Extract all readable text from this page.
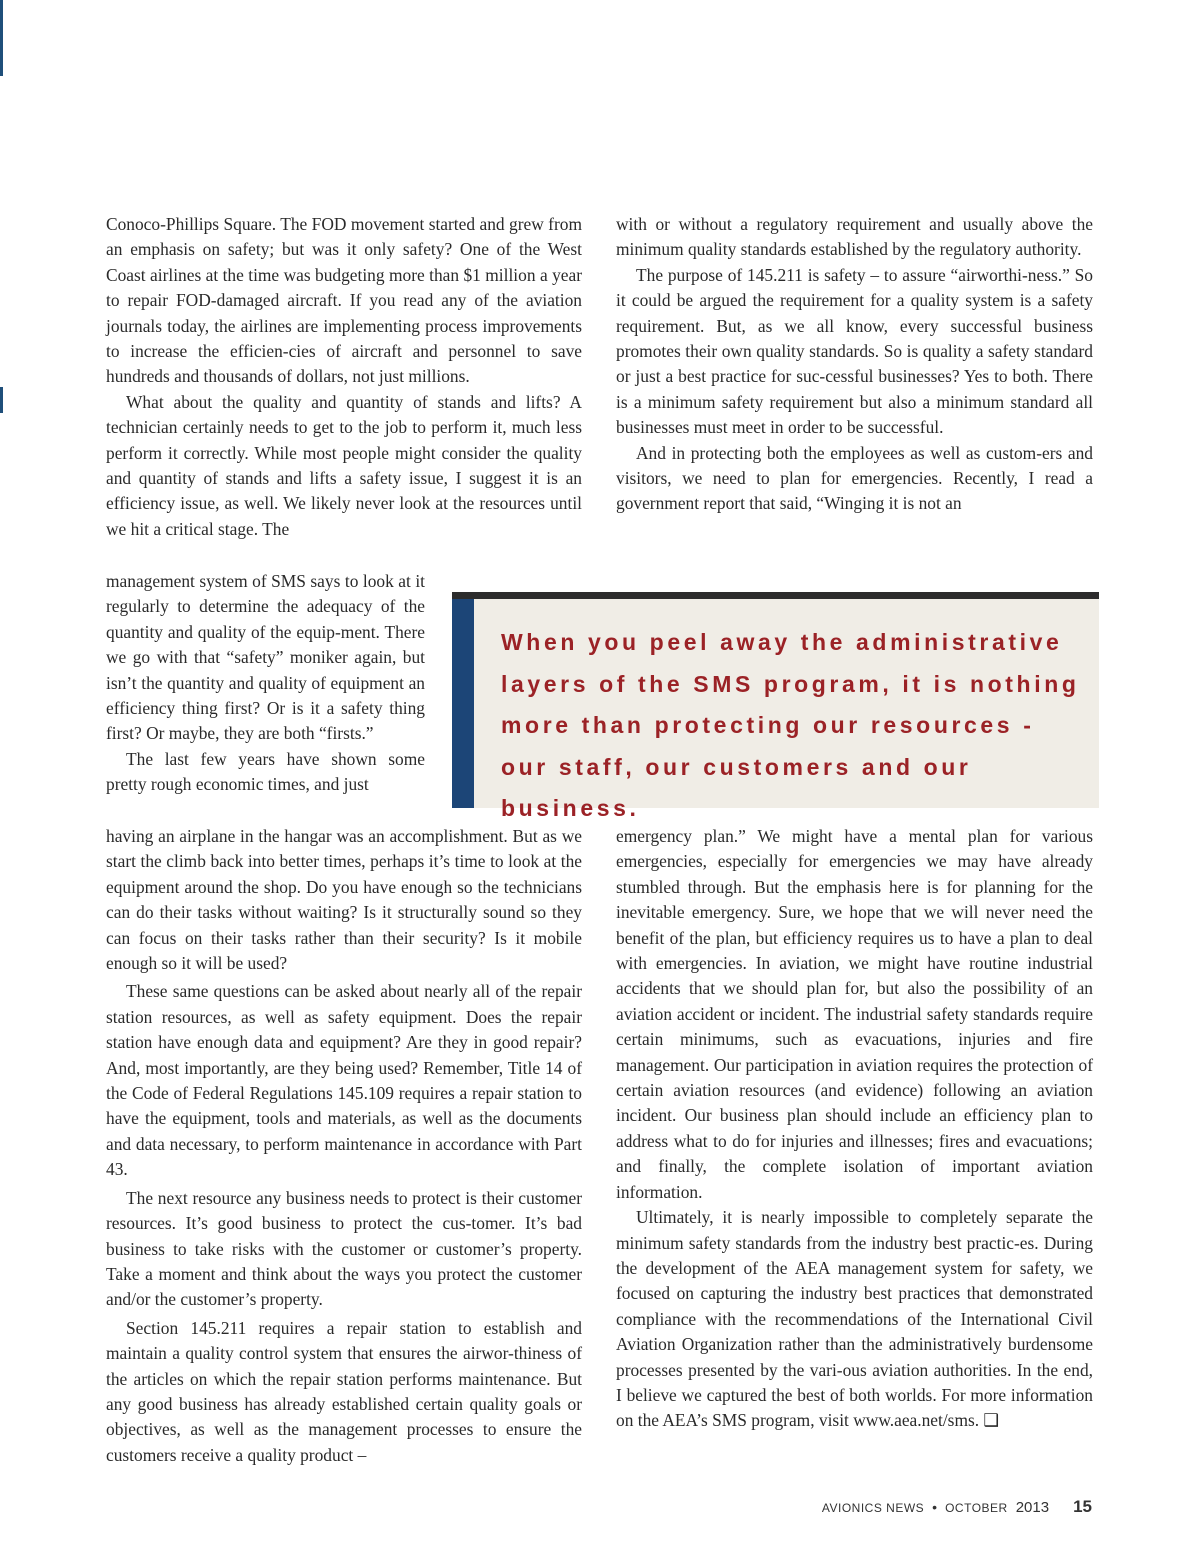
Conoco-Phillips Square. The FOD movement started and grew from an emphasis on safety; but was it only safety? One of the West Coast airlines at the time was budgeting more than $1 million a year to repair FOD-damaged aircraft. If you read any of the aviation journals today, the airlines are implementing process improvements to increase the efficien-cies of aircraft and personnel to save hundreds and thousands of dollars, not just millions.

What about the quality and quantity of stands and lifts? A technician certainly needs to get to the job to perform it, much less perform it correctly. While most people might consider the quality and quantity of stands and lifts a safety issue, I suggest it is an efficiency issue, as well. We likely never look at the resources until we hit a critical stage. The

management system of SMS says to look at it regularly to determine the adequacy of the quantity and quality of the equip-ment. There we go with that “safety” moniker again, but isn’t the quantity and quality of equipment an efficiency thing first? Or is it a safety thing first? Or maybe, they are both “firsts.”

The last few years have shown some pretty rough economic times, and just

having an airplane in the hangar was an accomplishment. But as we start the climb back into better times, perhaps it’s time to look at the equipment around the shop. Do you have enough so the technicians can do their tasks without waiting? Is it structurally sound so they can focus on their tasks rather than their security? Is it mobile enough so it will be used?

These same questions can be asked about nearly all of the repair station resources, as well as safety equipment. Does the repair station have enough data and equipment? Are they in good repair? And, most importantly, are they being used? Remember, Title 14 of the Code of Federal Regulations 145.109 requires a repair station to have the equipment, tools and materials, as well as the documents and data necessary, to perform maintenance in accordance with Part 43.

The next resource any business needs to protect is their customer resources. It’s good business to protect the cus-tomer. It’s bad business to take risks with the customer or customer’s property. Take a moment and think about the ways you protect the customer and/or the customer’s property.

Section 145.211 requires a repair station to establish and maintain a quality control system that ensures the airwor-thiness of the articles on which the repair station performs maintenance. But any good business has already established certain quality goals or objectives, as well as the management processes to ensure the customers receive a quality product –

with or without a regulatory requirement and usually above the minimum quality standards established by the regulatory authority.

The purpose of 145.211 is safety – to assure “airworthi-ness.” So it could be argued the requirement for a quality system is a safety requirement. But, as we all know, every successful business promotes their own quality standards. So is quality a safety standard or just a best practice for suc-cessful businesses? Yes to both. There is a minimum safety requirement but also a minimum standard all businesses must meet in order to be successful.

And in protecting both the employees as well as custom-ers and visitors, we need to plan for emergencies. Recently, I read a government report that said, “Winging it is not an

When you peel away the administrative layers of the SMS program, it is nothing more than protecting our resources - our staff, our customers and our business.

emergency plan.” We might have a mental plan for various emergencies, especially for emergencies we may have already stumbled through. But the emphasis here is for planning for the inevitable emergency. Sure, we hope that we will never need the benefit of the plan, but efficiency requires us to have a plan to deal with emergencies. In aviation, we might have routine industrial accidents that we should plan for, but also the possibility of an aviation accident or incident. The industrial safety standards require certain minimums, such as evacuations, injuries and fire management. Our participation in aviation requires the protection of certain aviation resources (and evidence) following an aviation incident. Our business plan should include an efficiency plan to address what to do for injuries and illnesses; fires and evacuations; and finally, the complete isolation of important aviation information.

Ultimately, it is nearly impossible to completely separate the minimum safety standards from the industry best practic-es. During the development of the AEA management system for safety, we focused on capturing the industry best practices that demonstrated compliance with the recommendations of the International Civil Aviation Organization rather than the administratively burdensome processes presented by the vari-ous aviation authorities. In the end, I believe we captured the best of both worlds. For more information on the AEA’s SMS program, visit www.aea.net/sms. ❑

AVIONICS NEWS • OCTOBER 2013 15
